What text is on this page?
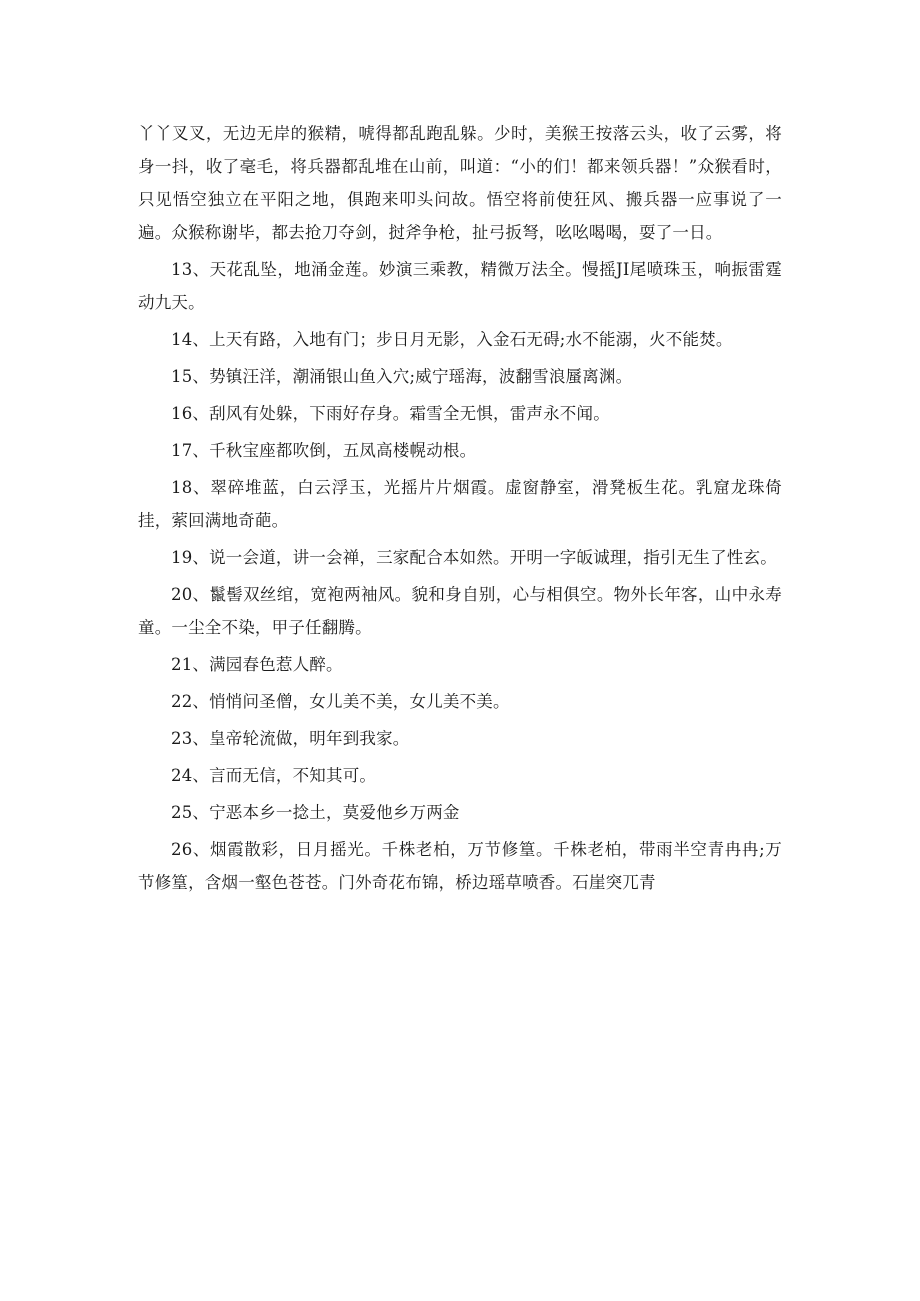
丫丫叉叉，无边无岸的猴精，唬得都乱跑乱躲。少时，美猴王按落云头，收了云雾，将身一抖，收了毫毛，将兵器都乱堆在山前，叫道：“小的们！都来领兵器！”众猴看时，只见悟空独立在平阳之地，俱跑来叩头问故。悟空将前使狂风、搬兵器一应事说了一遍。众猴称谢毕，都去抢刀夺剑，挝斧争枪，扯弓扳弩，吆吆喝喝，耍了一日。

13、天花乱坠，地涌金莲。妙演三乘教，精微万法全。慢摇JI尾喷珠玉，响振雷霆动九天。

14、上天有路，入地有门；步日月无影，入金石无碍;水不能溺，火不能焚。

15、势镇汪洋，潮涌银山鱼入穴;威宁瑶海，波翻雪浪蜃离渊。

16、刮风有处躲，下雨好存身。霜雪全无惧，雷声永不闻。

17、千秋宝座都吹倒，五凤高楼幌动根。

18、翠碎堆蓝，白云浮玉，光摇片片烟霞。虚窗静室，滑凳板生花。乳窟龙珠倚挂，萦回满地奇葩。

19、说一会道，讲一会禅，三家配合本如然。开明一字皈诚理，指引无生了性玄。

20、鬣髻双丝绾，宽袍两袖风。貌和身自别，心与相俱空。物外长年客，山中永寿童。一尘全不染，甲子任翻腾。

21、满园春色惹人醉。

22、悄悄问圣僧，女儿美不美，女儿美不美。

23、皇帝轮流做，明年到我家。

24、言而无信，不知其可。

25、宁恶本乡一捻土，莫爱他乡万两金

26、烟霞散彩，日月摇光。千株老柏，万节修篁。千株老柏，带雨半空青冉冉;万节修篁，含烟一壑色苍苍。门外奇花布锦，桥边瑶草喷香。石崖突兀青
